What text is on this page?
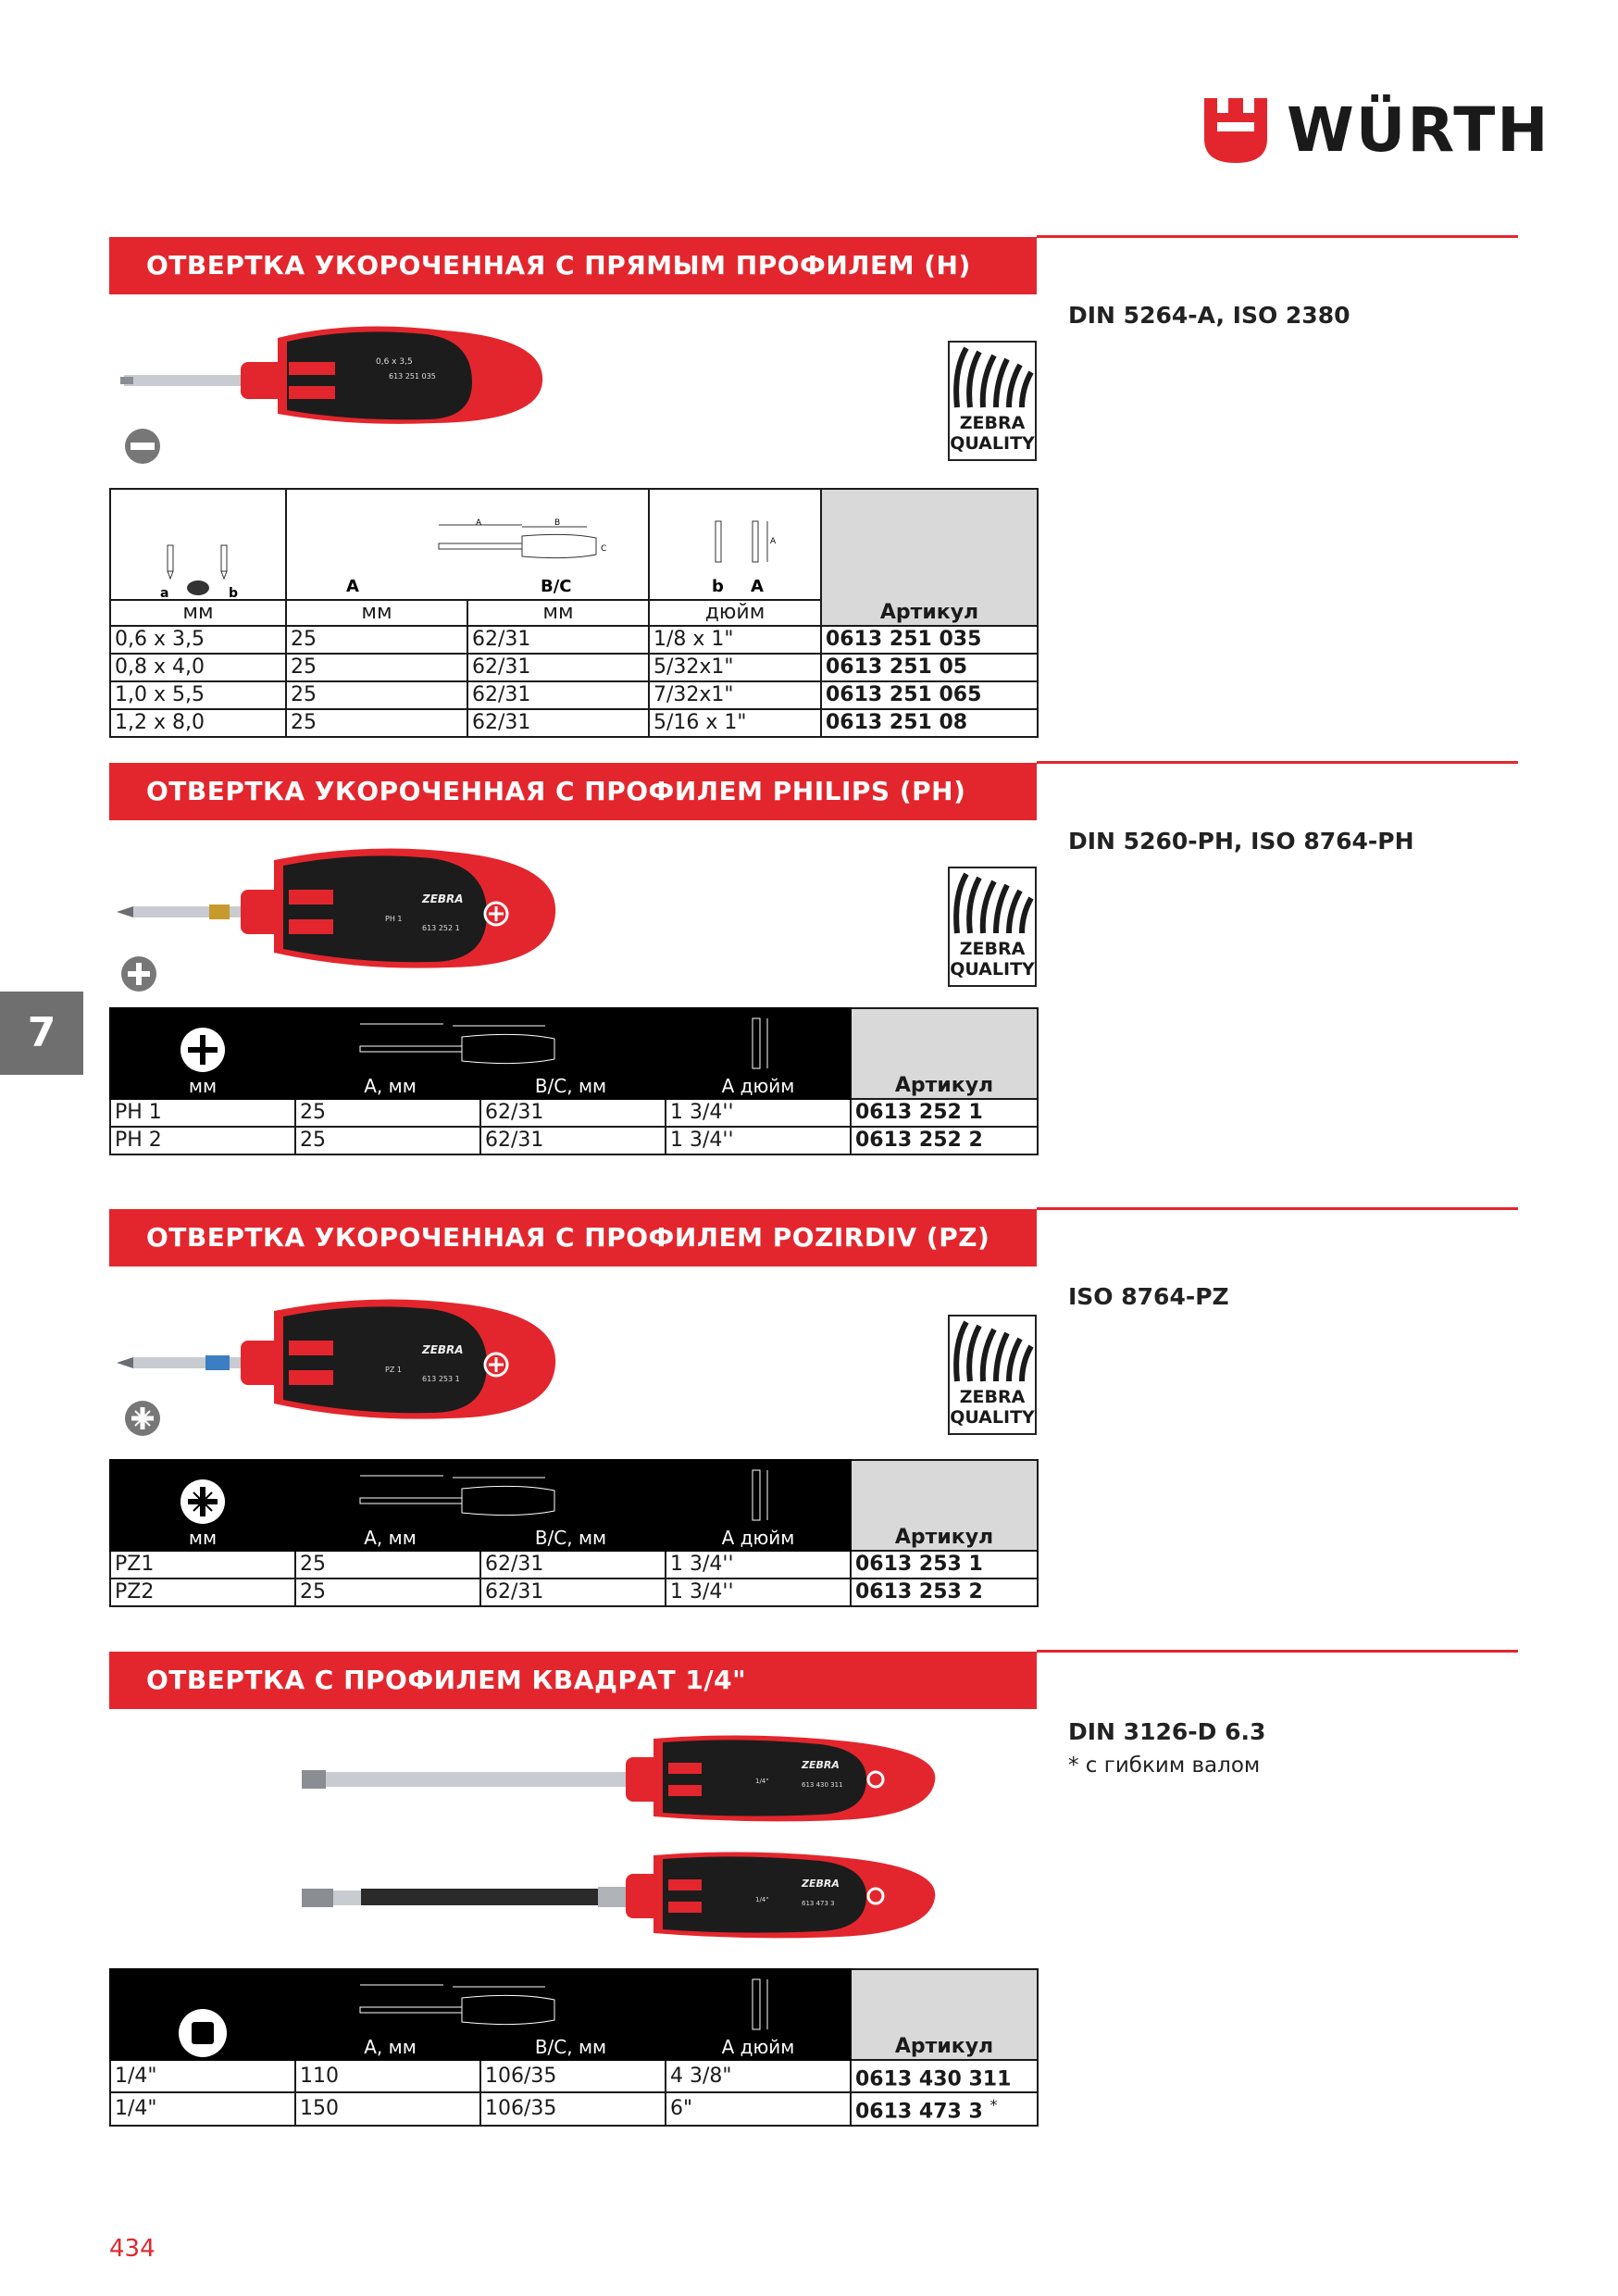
WÜRTH
7
434
ОТВЕРТКА УКОРОЧЕННАЯ С ПРЯМЫМ ПРОФИЛЕМ (H)
DIN 5264-A, ISO 2380
0,6 x 3,5
613 251 035
ZEBRA
QUALITY
a b	A B
C
A B/C		A
b A	Артикул
мм	мм	мм	дюйм	
0,6 x 3,5	25	62/31	1/8 x 1"	0613 251 035
0,8 x 4,0	25	62/31	5/32x1"	0613 251 05
1,0 x 5,5	25	62/31	7/32x1"	0613 251 065
1,2 x 8,0	25	62/31	5/16 x 1"	0613 251 08
ОТВЕРТКА УКОРОЧЕННАЯ С ПРОФИЛЕМ PHILIPS (PH)
DIN 5260-PH, ISO 8764-PH
ZEBRA
PH 1
613 252 1
ZEBRA
QUALITY
мм	A, мм B/C, мм		A дюйм	Артикул
PH 1	25	62/31	1 3/4''	0613 252 1
PH 2	25	62/31	1 3/4''	0613 252 2
ОТВЕРТКА УКОРОЧЕННАЯ С ПРОФИЛЕМ POZIRDIV (PZ)
ISO 8764-PZ
ZEBRA
PZ 1
613 253 1
ZEBRA
QUALITY
мм	A, мм B/C, мм		A дюйм	Артикул
PZ1	25	62/31	1 3/4''	0613 253 1
PZ2	25	62/31	1 3/4''	0613 253 2
ОТВЕРТКА С ПРОФИЛЕМ КВАДРАТ 1/4"
DIN 3126-D 6.3
* с гибким валом
ZEBRA
1/4"	613 430 311
ZEBRA
1/4"	613 473 3

A, мм B/C, мм		A дюйм	Артикул
1/4"	110	106/35	4 3/8"	0613 430 311
1/4"	150	106/35	6"	0613 473 3 *
